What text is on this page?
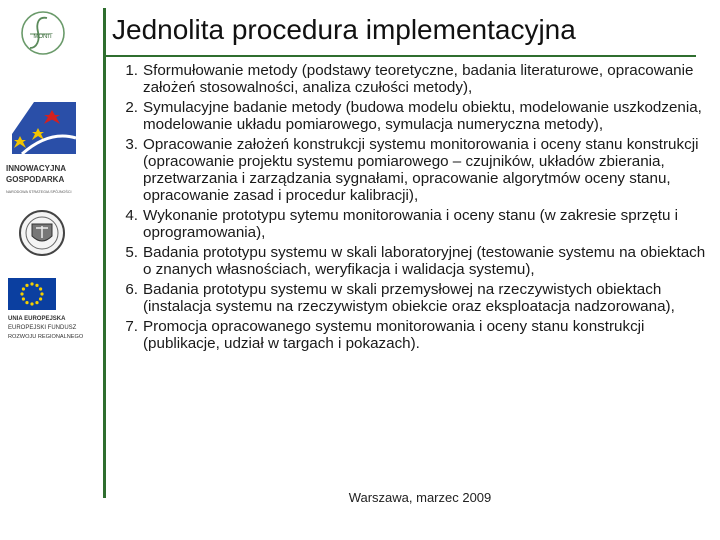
MONIT
INNOWACYJNA
GOSPODARKA
NARODOWA STRATEGIA SPÓJNOŚCI
UNIA EUROPEJSKA
EUROPEJSKI FUNDUSZ
ROZWOJU REGIONALNEGO
Jednolita procedura implementacyjna
1. Sformułowanie metody (podstawy teoretyczne, badania literaturowe, opracowanie założeń stosowalności, analiza czułości metody),
2. Symulacyjne badanie metody (budowa modelu obiektu, modelowanie uszkodzenia, modelowanie układu pomiarowego, symulacja numeryczna metody),
3. Opracowanie założeń konstrukcji systemu monitorowania i oceny stanu konstrukcji (opracowanie projektu systemu pomiarowego – czujników, układów zbierania, przetwarzania i zarządzania sygnałami, opracowanie algorytmów oceny stanu, opracowanie zasad i procedur kalibracji),
4. Wykonanie prototypu sytemu monitorowania i oceny stanu (w zakresie sprzętu i oprogramowania),
5. Badania prototypu systemu w skali laboratoryjnej (testowanie systemu na obiektach o znanych własnościach, weryfikacja i walidacja systemu),
6. Badania prototypu systemu w skali przemysłowej na rzeczywistych obiektach (instalacja systemu na rzeczywistym obiekcie oraz eksploatacja nadzorowana),
7. Promocja opracowanego systemu monitorowania i oceny stanu konstrukcji (publikacje, udział w targach i pokazach).
Warszawa, marzec 2009
